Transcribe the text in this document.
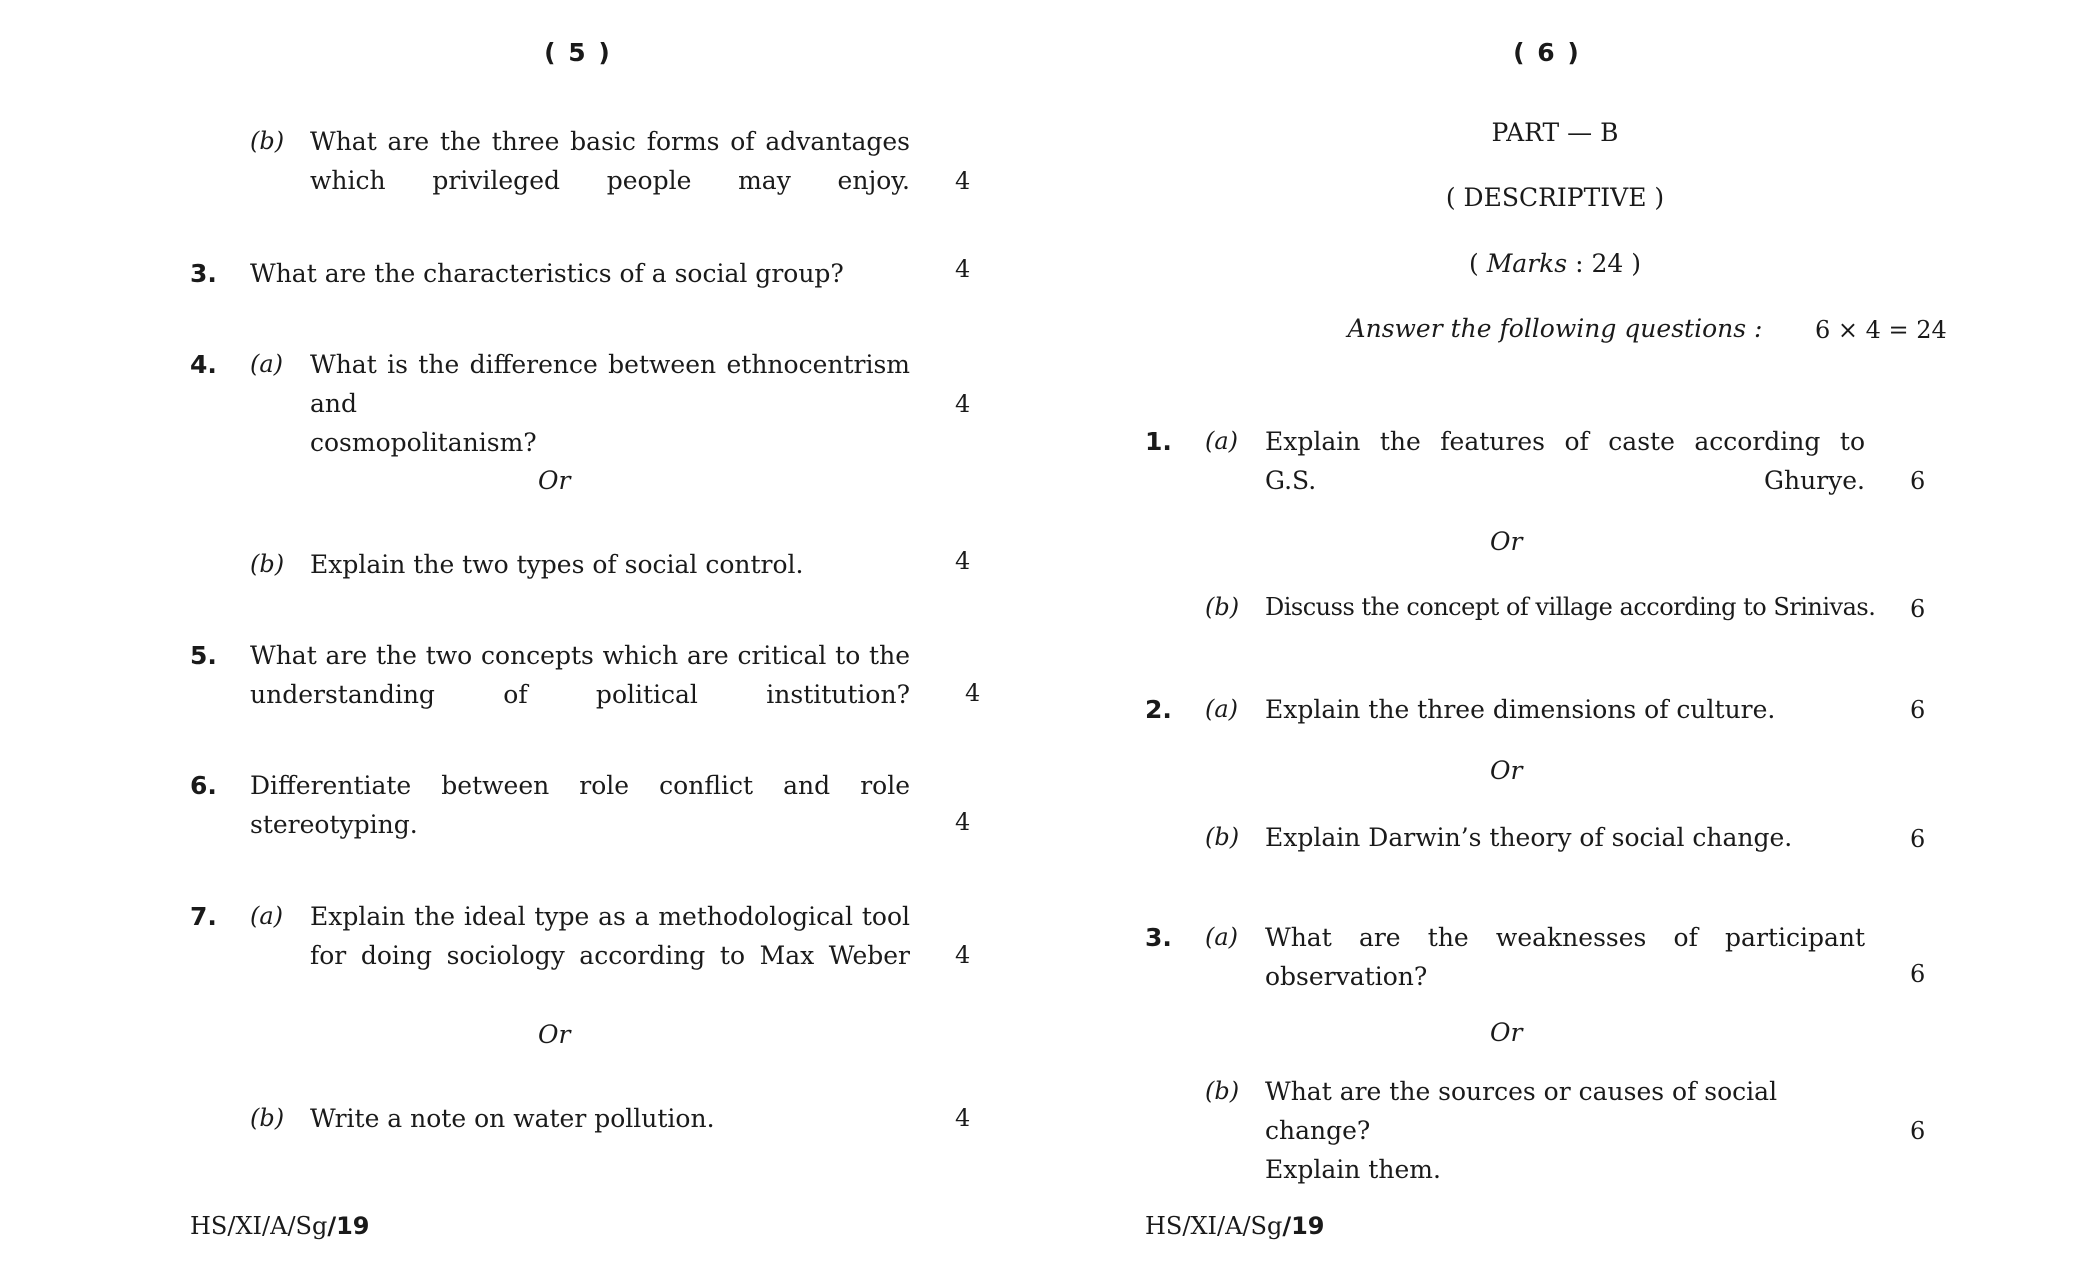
( 5 )
(b) What are the three basic forms of advantages
which privileged people may enjoy. 4
3. What are the characteristics of a social group?	4
4. (a) What is the difference between ethnocentrism and
cosmopolitanism?
4
Or
(b) Explain the two types of social control.	4
5. What are the two concepts which are critical to the
understanding of political institution? 4
6. Differentiate between role conflict and role
stereotyping.	4
7. (a) Explain the ideal type as a methodological tool
for doing sociology according to Max Weber 4
Or
(b) Write a note on water pollution.	4
HS/XI/A/Sg/19
( 6 )
PART — B
( DESCRIPTIVE )
( Marks : 24 )
Answer the following questions :	6 × 4 = 24
1. (a) Explain the features of caste according to
G.S. Ghurye. 6
Or
(b) Discuss the concept of village according to Srinivas. 6
2. (a) Explain the three dimensions of culture.	6
Or
(b) Explain Darwin’s theory of social change.	6
3. (a) What are the weaknesses of participant
observation?	6
Or
(b) What are the sources or causes of social change?
Explain them.
6
HS/XI/A/Sg/19
